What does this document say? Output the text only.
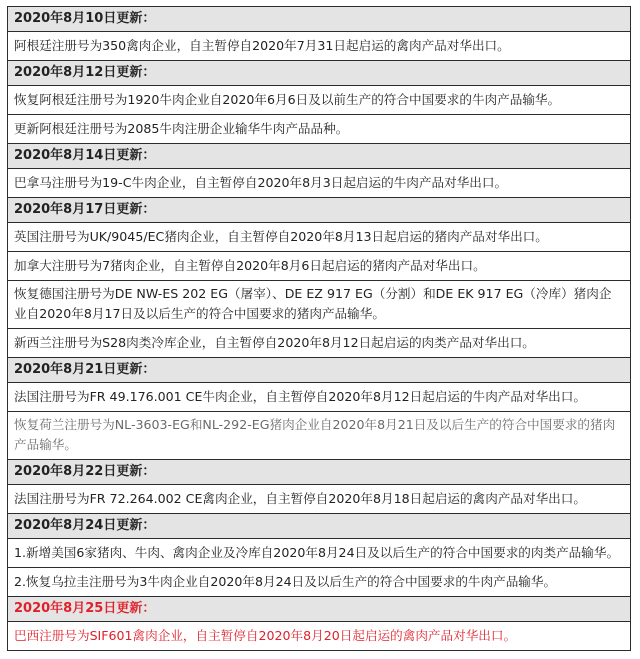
2020年8月10日更新：
阿根廷注册号为350禽肉企业，自主暂停自2020年7月31日起启运的禽肉产品对华出口。
2020年8月12日更新：
恢复阿根廷注册号为1920牛肉企业自2020年6月6日及以前生产的符合中国要求的牛肉产品输华。
更新阿根廷注册号为2085牛肉注册企业输华牛肉产品品种。
2020年8月14日更新：
巴拿马注册号为19-C牛肉企业，自主暂停自2020年8月3日起启运的牛肉产品对华出口。
2020年8月17日更新：
英国注册号为UK/9045/EC猪肉企业，自主暂停自2020年8月13日起启运的猪肉产品对华出口。
加拿大注册号为7猪肉企业，自主暂停自2020年8月6日起启运的猪肉产品对华出口。
恢复德国注册号为DE NW-ES 202 EG（屠宰）、DE EZ 917 EG（分割）和DE EK 917 EG（冷库）猪肉企业自2020年8月17日及以后生产的符合中国要求的猪肉产品输华。
新西兰注册号为S28肉类冷库企业，自主暂停自2020年8月12日起启运的肉类产品对华出口。
2020年8月21日更新：
法国注册号为FR 49.176.001 CE牛肉企业，自主暂停自2020年8月12日起启运的牛肉产品对华出口。
恢复荷兰注册号为NL-3603-EG和NL-292-EG猪肉企业自2020年8月21日及以后生产的符合中国要求的猪肉产品输华。
2020年8月22日更新：
法国注册号为FR 72.264.002 CE禽肉企业，自主暂停自2020年8月18日起启运的禽肉产品对华出口。
2020年8月24日更新：
1.新增美国6家猪肉、牛肉、禽肉企业及冷库自2020年8月24日及以后生产的符合中国要求的肉类产品输华。
2.恢复乌拉圭注册号为3牛肉企业自2020年8月24日及以后生产的符合中国要求的牛肉产品输华。
2020年8月25日更新：
巴西注册号为SIF601禽肉企业，自主暂停自2020年8月20日起启运的禽肉产品对华出口。
